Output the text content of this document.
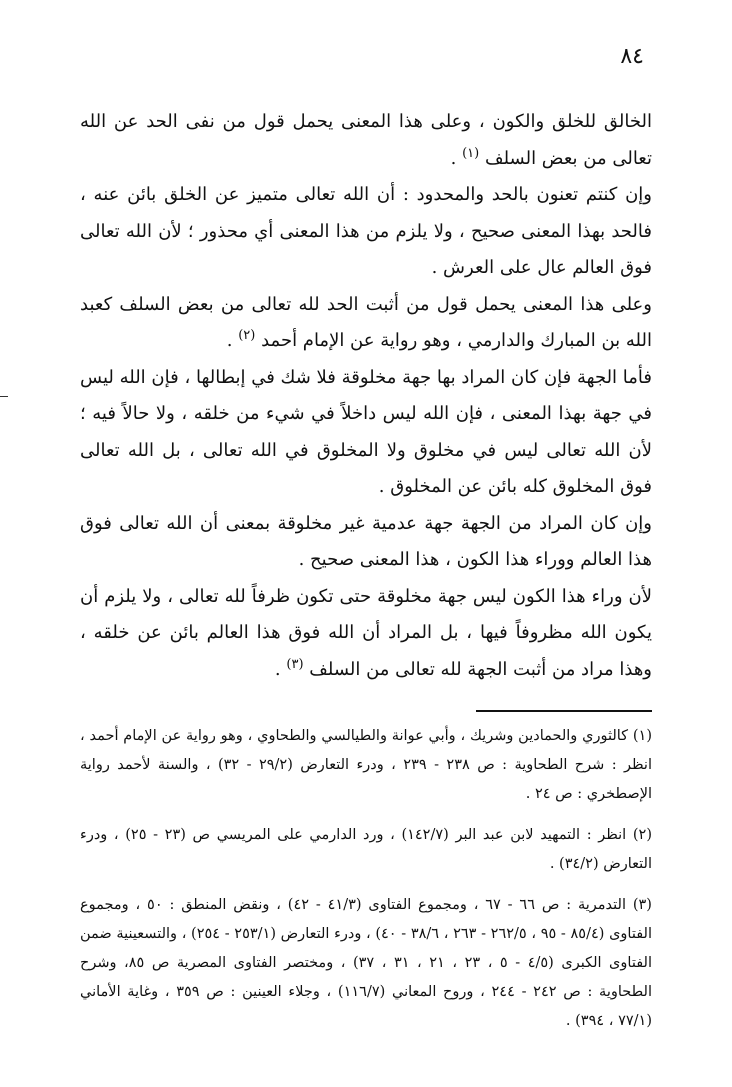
٨٤

الخالق للخلق والكون ، وعلى هذا المعنى يحمل قول من نفى الحد عن الله تعالى من بعض السلف $^{(١)}$ .

وإن كنتم تعنون بالحد والمحدود : أن الله تعالى متميز عن الخلق بائن عنه ، فالحد بهذا المعنى صحيح ، ولا يلزم من هذا المعنى أي محذور ؛ لأن الله تعالى فوق العالم عال على العرش .

وعلى هذا المعنى يحمل قول من أثبت الحد لله تعالى من بعض السلف كعبد الله بن المبارك والدارمي ، وهو رواية عن الإمام أحمد $^{(٢)}$ .

فأما الجهة فإن كان المراد بها جهة مخلوقة فلا شك في إبطالها ، فإن الله ليس في جهة بهذا المعنى ، فإن الله ليس داخلاً في شيء من خلقه ، ولا حالاً فيه ؛ لأن الله تعالى ليس في مخلوق ولا المخلوق في الله تعالى ، بل الله تعالى فوق المخلوق كله بائن عن المخلوق .

وإن كان المراد من الجهة جهة عدمية غير مخلوقة بمعنى أن الله تعالى فوق هذا العالم ووراء هذا الكون ، هذا المعنى صحيح .

لأن وراء هذا الكون ليس جهة مخلوقة حتى تكون ظرفاً لله تعالى ، ولا يلزم أن يكون الله مظروفاً فيها ، بل المراد أن الله فوق هذا العالم بائن عن خلقه ، وهذا مراد من أثبت الجهة لله تعالى من السلف $^{(٣)}$ .

(١) كالثوري والحمادين وشريك ، وأبي عوانة والطيالسي والطحاوي ، وهو رواية عن الإمام أحمد ، انظر : شرح الطحاوية : ص ٢٣٨ - ٢٣٩ ، ودرء التعارض (٢٩/٢ - ٣٢) ، والسنة لأحمد رواية الإصطخري : ص ٢٤ .

(٢) انظر : التمهيد لابن عبد البر (١٤٢/٧) ، ورد الدارمي على المريسي ص (٢٣ - ٢٥) ، ودرء التعارض (٣٤/٢) .

(٣) التدمرية : ص ٦٦ - ٦٧ ، ومجموع الفتاوى (٤١/٣ - ٤٢) ، ونقض المنطق : ٥٠ ، ومجموع الفتاوى (٨٥/٤ - ٩٥ ، ٢٦٢/٥ - ٢٦٣ ، ٣٨/٦ - ٤٠) ، ودرء التعارض (٢٥٣/١ - ٢٥٤) ، والتسعينية ضمن الفتاوى الكبرى (٤/٥ - ٥ ، ٢٣ ، ٢١ ، ٣١ ، ٣٧) ، ومختصر الفتاوى المصرية ص ٨٥، وشرح الطحاوية : ص ٢٤٢ - ٢٤٤ ، وروح المعاني (١١٦/٧) ، وجلاء العينين : ص ٣٥٩ ، وغاية الأماني (٧٧/١ ، ٣٩٤) .
